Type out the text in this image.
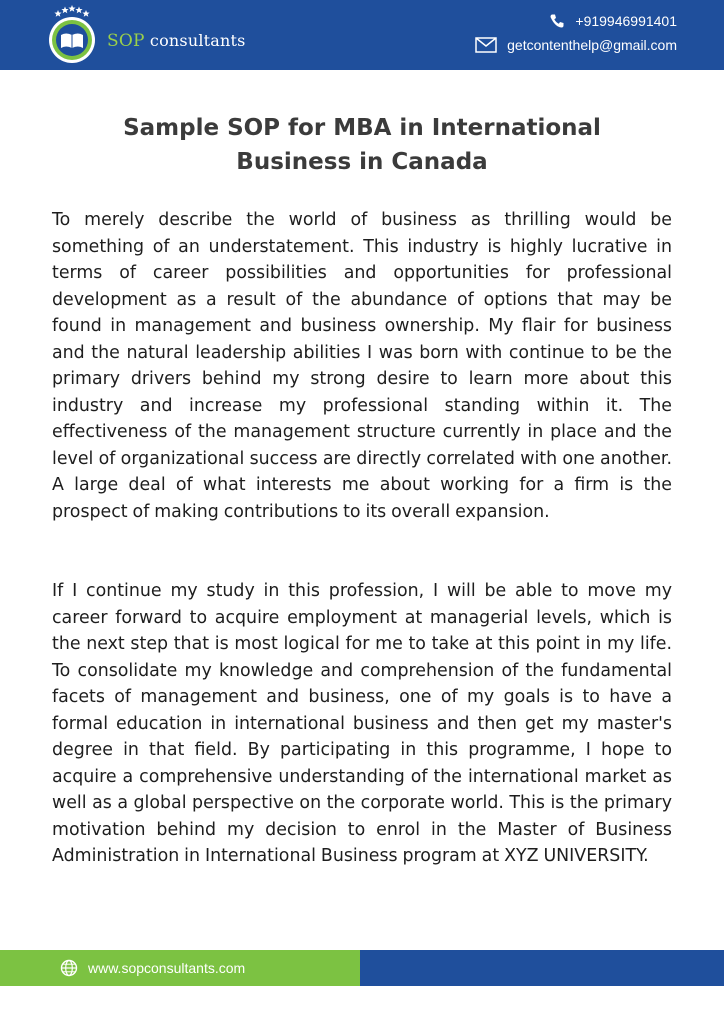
SOP consultants
+919946991401
getcontenthelp@gmail.com
Sample SOP for MBA in International
Business in Canada

To merely describe the world of business as thrilling would be something of an understatement. This industry is highly lucrative in terms of career possibilities and opportunities for professional development as a result of the abundance of options that may be found in management and business ownership. My flair for business and the natural leadership abilities I was born with continue to be the primary drivers behind my strong desire to learn more about this industry and increase my professional standing within it. The effectiveness of the management structure currently in place and the level of organizational success are directly correlated with one another. A large deal of what interests me about working for a firm is the prospect of making contributions to its overall expansion.

If I continue my study in this profession, I will be able to move my career forward to acquire employment at managerial levels, which is the next step that is most logical for me to take at this point in my life. To consolidate my knowledge and comprehension of the fundamental facets of management and business, one of my goals is to have a formal education in international business and then get my master's degree in that field. By participating in this programme, I hope to acquire a comprehensive understanding of the international market as well as a global perspective on the corporate world. This is the primary motivation behind my decision to enrol in the Master of Business Administration in International Business program at XYZ UNIVERSITY.

www.sopconsultants.com
